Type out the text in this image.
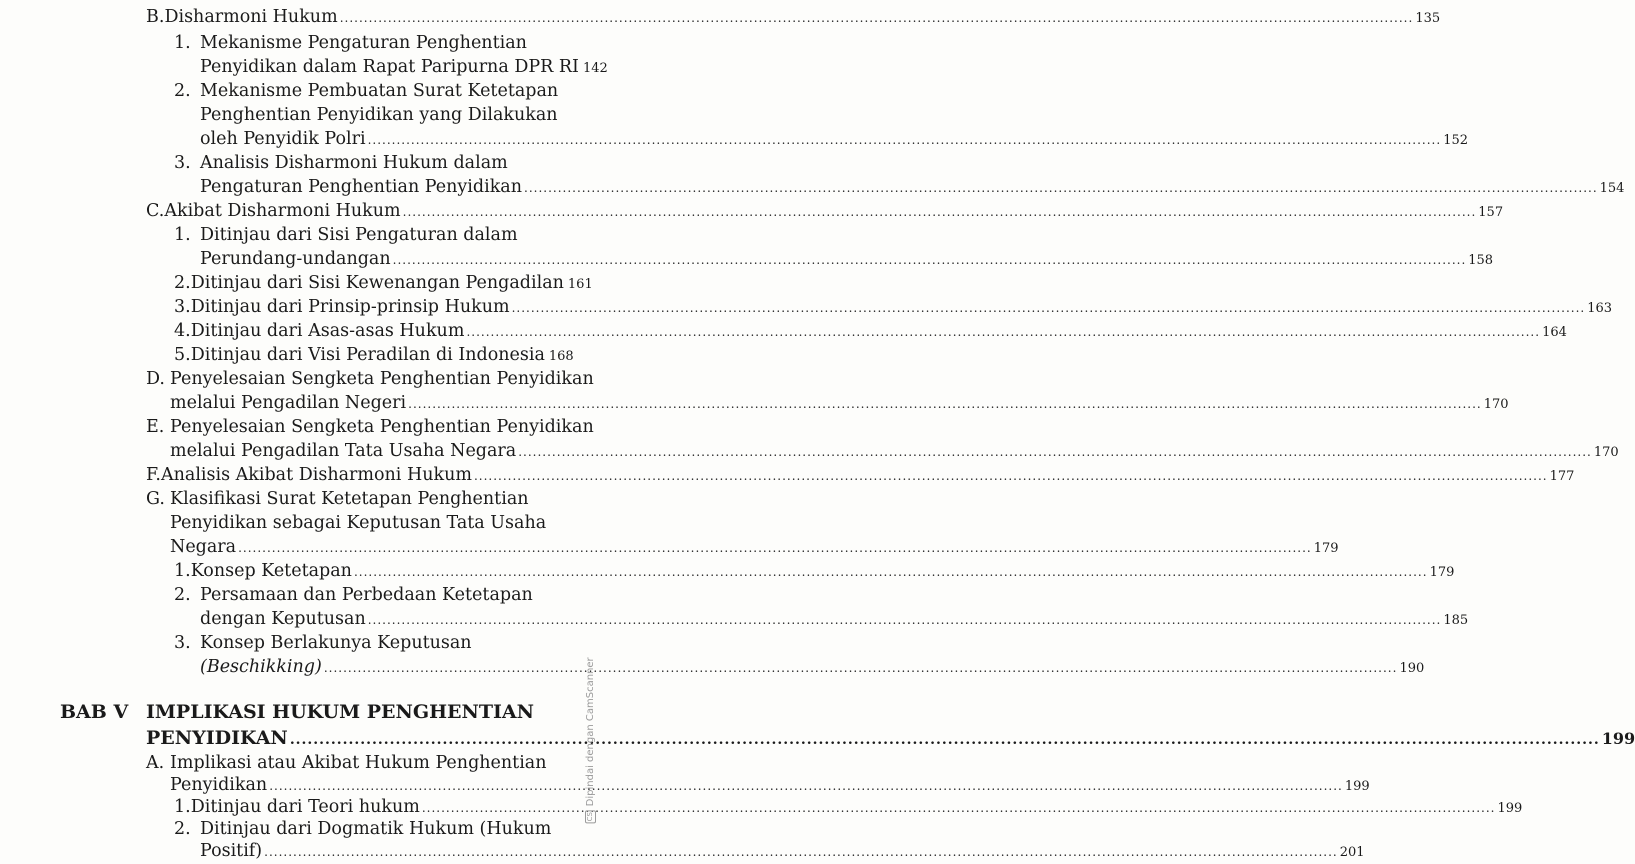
B. Disharmoni Hukum .....	135
1. Mekanisme Pengaturan Penghentian
Penyidikan dalam Rapat Paripurna DPR RI 142
2. Mekanisme Pembuatan Surat Ketetapan
Penghentian Penyidikan yang Dilakukan
oleh Penyidik Polri .....	152
3. Analisis Disharmoni Hukum dalam
Pengaturan Penghentian Penyidikan .....	154
C. Akibat Disharmoni Hukum .....	157
1. Ditinjau dari Sisi Pengaturan dalam
Perundang-undangan .....	158
2. Ditinjau dari Sisi Kewenangan Pengadilan 161
3. Ditinjau dari Prinsip-prinsip Hukum .....	163
4. Ditinjau dari Asas-asas Hukum .....	164
5. Ditinjau dari Visi Peradilan di Indonesia 168
D. Penyelesaian Sengketa Penghentian Penyidikan
melalui Pengadilan Negeri .....	170
E. Penyelesaian Sengketa Penghentian Penyidikan
melalui Pengadilan Tata Usaha Negara .....	170
F. Analisis Akibat Disharmoni Hukum .....	177
G. Klasifikasi Surat Ketetapan Penghentian
Penyidikan sebagai Keputusan Tata Usaha
Negara .....	179
1. Konsep Ketetapan .....	179
2. Persamaan dan Perbedaan Ketetapan
dengan Keputusan .....	185
3. Konsep Berlakunya Keputusan
(Beschikking) .....	190
BAB V IMPLIKASI HUKUM PENGHENTIAN
PENYIDIKAN .....	199
A. Implikasi atau Akibat Hukum Penghentian
Penyidikan .....	199
1. Ditinjau dari Teori hukum .....	199
2. Ditinjau dari Dogmatik Hukum (Hukum
Positif) .....	201
CS
Dipindai dengan CamScanner
